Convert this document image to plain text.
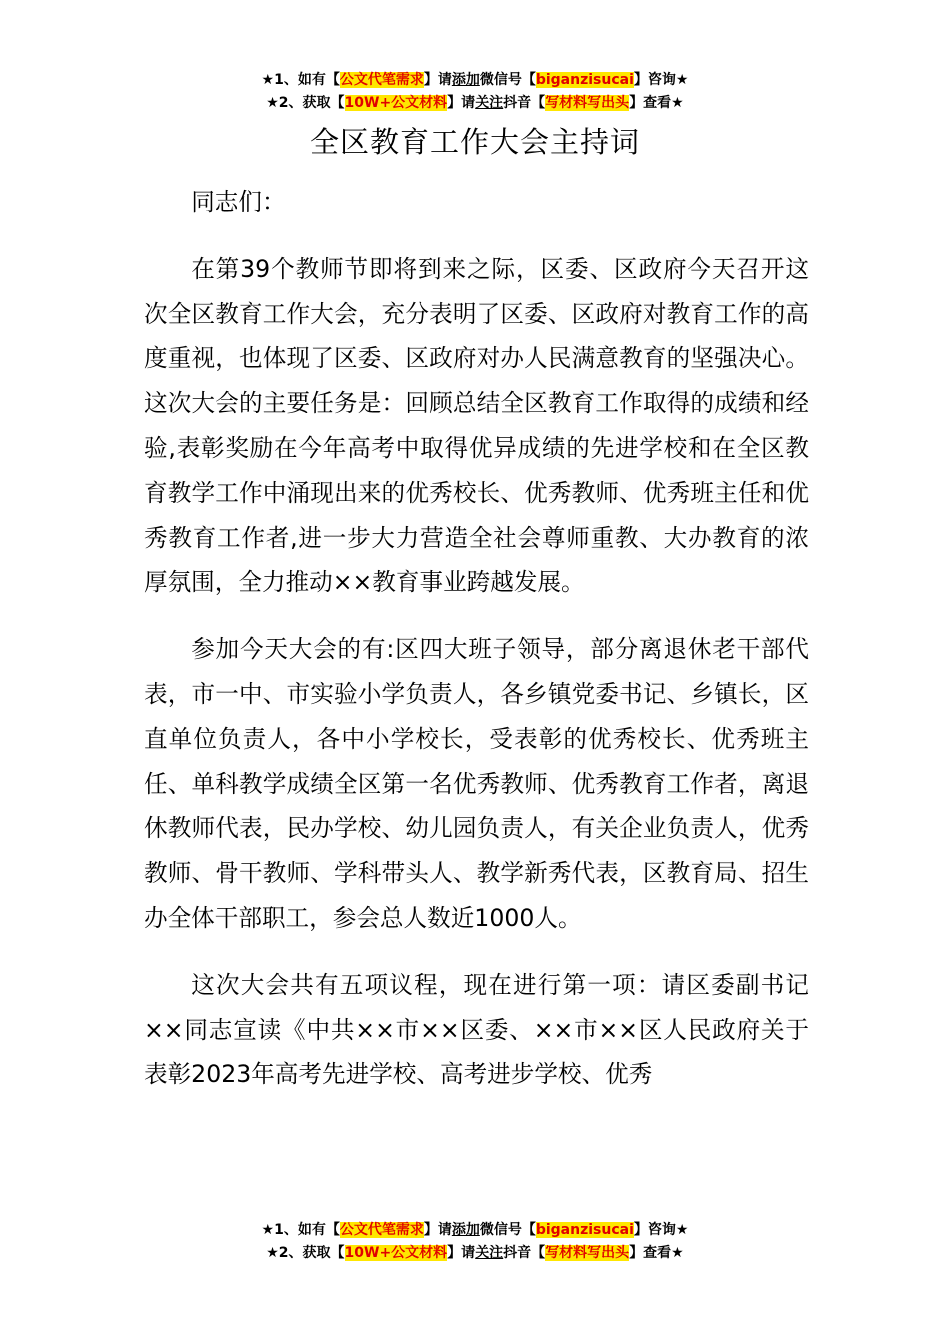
★1、如有【公文代笔需求】请添加微信号【biganzisucai】咨询★
★2、获取【10W+公文材料】请关注抖音【写材料写出头】查看★
全区教育工作大会主持词

同志们：

在第39个教师节即将到来之际，区委、区政府今天召开这次全区教育工作大会，充分表明了区委、区政府对教育工作的高度重视，也体现了区委、区政府对办人民满意教育的坚强决心。这次大会的主要任务是：回顾总结全区教育工作取得的成绩和经验,表彰奖励在今年高考中取得优异成绩的先进学校和在全区教育教学工作中涌现出来的优秀校长、优秀教师、优秀班主任和优秀教育工作者,进一步大力营造全社会尊师重教、大办教育的浓厚氛围，全力推动××教育事业跨越发展。

参加今天大会的有:区四大班子领导，部分离退休老干部代表，市一中、市实验小学负责人，各乡镇党委书记、乡镇长，区直单位负责人，各中小学校长，受表彰的优秀校长、优秀班主任、单科教学成绩全区第一名优秀教师、优秀教育工作者，离退休教师代表，民办学校、幼儿园负责人，有关企业负责人，优秀教师、骨干教师、学科带头人、教学新秀代表，区教育局、招生办全体干部职工，参会总人数近1000人。

这次大会共有五项议程，现在进行第一项：请区委副书记××同志宣读《中共××市××区委、××市××区人民政府关于表彰2023年高考先进学校、高考进步学校、优秀

★1、如有【公文代笔需求】请添加微信号【biganzisucai】咨询★
★2、获取【10W+公文材料】请关注抖音【写材料写出头】查看★
